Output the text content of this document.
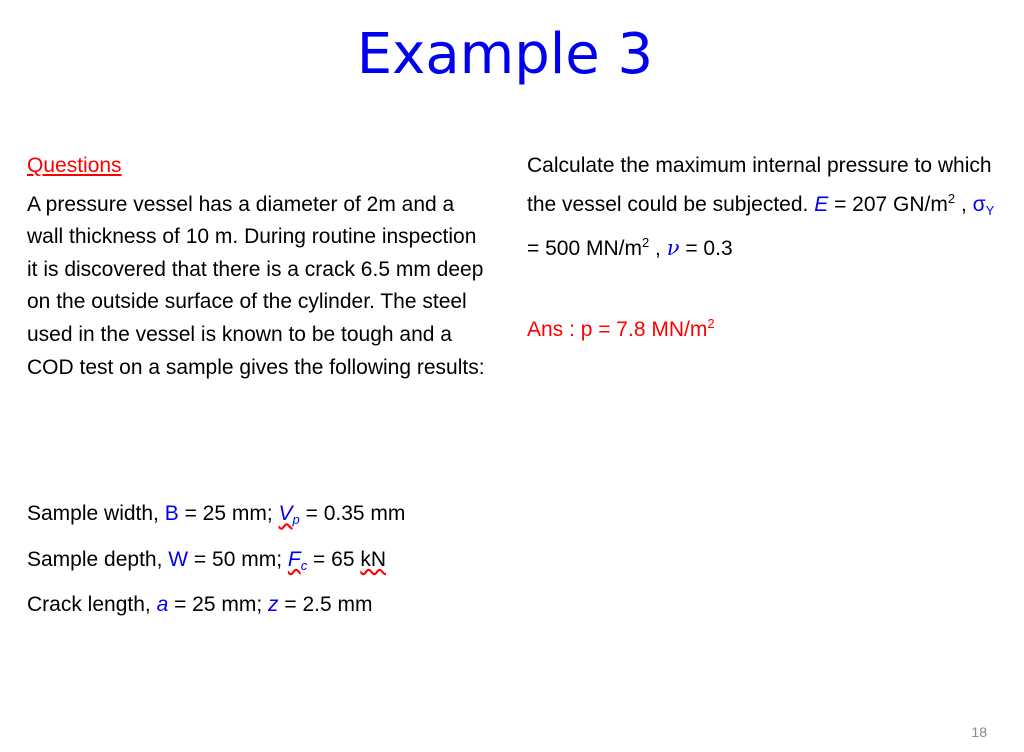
Example 3
Questions
A pressure vessel has a diameter of 2m and a wall thickness of 10 m. During routine inspection it is discovered that there is a crack 6.5 mm deep on the outside surface of the cylinder. The steel used in the vessel is known to be tough and a COD test on a sample gives the following results:
Sample width, B = 25 mm; $V_p = 0.35$ mm
Sample depth, W = 50 mm; $F_c = 65$ kN
Crack length, a = 25 mm; z = 2.5 mm
Calculate the maximum internal pressure to which the vessel could be subjected. E = 207 $GN/m^2$ , $\sigma_Y = 500$ $MN/m^2$ , ν = 0.3
Ans : p = 7.8 $MN/m^2$
18
